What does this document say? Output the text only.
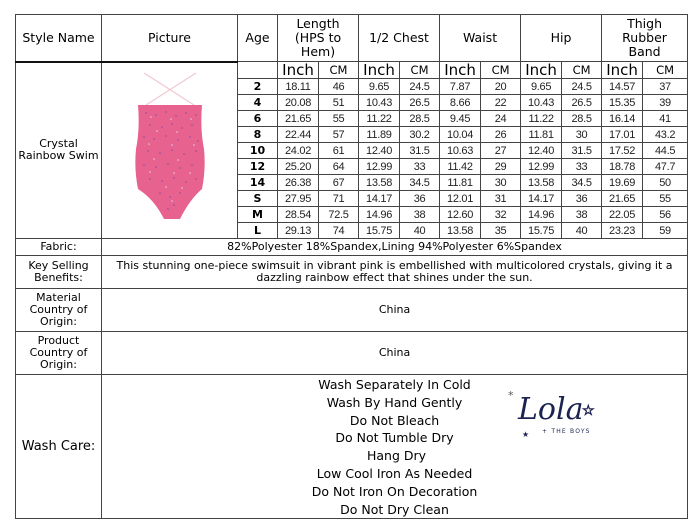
Style Name	Picture	Age	Length (HPS to Hem)		1/2 Chest		Waist		Hip		Thigh Rubber Band	
Crystal Rainbow Swim			Inch	CM	Inch	CM	Inch	CM	Inch	CM	Inch	CM
		2	18.11	46	9.65	24.5	7.87	20	9.65	24.5	14.57	37
		4	20.08	51	10.43	26.5	8.66	22	10.43	26.5	15.35	39
		6	21.65	55	11.22	28.5	9.45	24	11.22	28.5	16.14	41
		8	22.44	57	11.89	30.2	10.04	26	11.81	30	17.01	43.2
		10	24.02	61	12.40	31.5	10.63	27	12.40	31.5	17.52	44.5
		12	25.20	64	12.99	33	11.42	29	12.99	33	18.78	47.7
		14	26.38	67	13.58	34.5	11.81	30	13.58	34.5	19.69	50
		S	27.95	71	14.17	36	12.01	31	14.17	36	21.65	55
		M	28.54	72.5	14.96	38	12.60	32	14.96	38	22.05	56
		L	29.13	74	15.75	40	13.58	35	15.75	40	23.23	59
Fabric:	82%Polyester 18%Spandex,Lining 94%Polyester 6%Spandex											
Key Selling Benefits:	This stunning one-piece swimsuit in vibrant pink is embellished with multicolored crystals, giving it a dazzling rainbow effect that shines under the sun.											
Material Country of Origin:	China											
Product Country of Origin:	China											
Wash Care:	
Wash Separately In Cold
Wash By Hand Gently
Do Not Bleach
Do Not Tumble Dry
Hang Dry
Low Cool Iron As Needed
Do Not Iron On Decoration
Do Not Dry Clean
* Lola
☆
★ + THE BOYS
